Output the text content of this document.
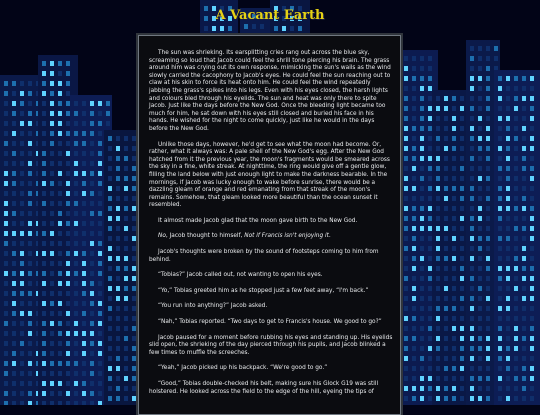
A Vacant Earth

The sun was shrieking. Its earsplitting cries rang out across the blue sky, screaming so loud that Jacob could feel the shrill tone piercing his brain. The grass around him was crying out its own response, mimicking the sun's wails as the wind slowly carried the cacophony to Jacob's eyes. He could feel the sun reaching out to claw at his skin to force its heat onto him. He could feel the wind repeatedly jabbing the grass's spikes into his legs. Even with his eyes closed, the harsh lights and colours bled through his eyelids. The sun and heat was only there to spite Jacob. Just like the days before the New God. Once the bleeding light became too much for him, he sat down with his eyes still closed and buried his face in his hands. He wished for the night to come quickly, just like he would in the days before the New God.

Unlike those days, however, he'd get to see what the moon had become. Or, rather, what it always was: A pale shell of the New God's egg. After the New God hatched from it the previous year, the moon's fragments would be smeared across the sky in a fine, white streak. At nighttime, the ring would give off a gentle glow, filling the land below with just enough light to make the darkness bearable. In the mornings, if Jacob was lucky enough to wake before sunrise, there would be a dazzling gleam of orange and red emanating from that streak of the moon's remains. Somehow, that gleam looked more beautiful than the ocean sunset it resembled.

It almost made Jacob glad that the moon gave birth to the New God.

No, Jacob thought to himself, Not if Francis isn't enjoying it.

Jacob's thoughts were broken by the sound of footsteps coming to him from behind.

“Tobias?” Jacob called out, not wanting to open his eyes.

“Yo,” Tobias greeted him as he stopped just a few feet away, “I'm back.”

“You run into anything?” Jacob asked.

“Nah,” Tobias reported. “Two days to get to Francis's house. We good to go?”

Jacob paused for a moment before rubbing his eyes and standing up. His eyelids slid open, the shrieking of the day pierced through his pupils, and Jacob blinked a few times to muffle the screeches.

“Yeah,” Jacob picked up his backpack. “We're good to go.”

“Good,” Tobias double-checked his belt, making sure his Glock G19 was still holstered. He looked across the field to the edge of the hill, eyeing the tips of
